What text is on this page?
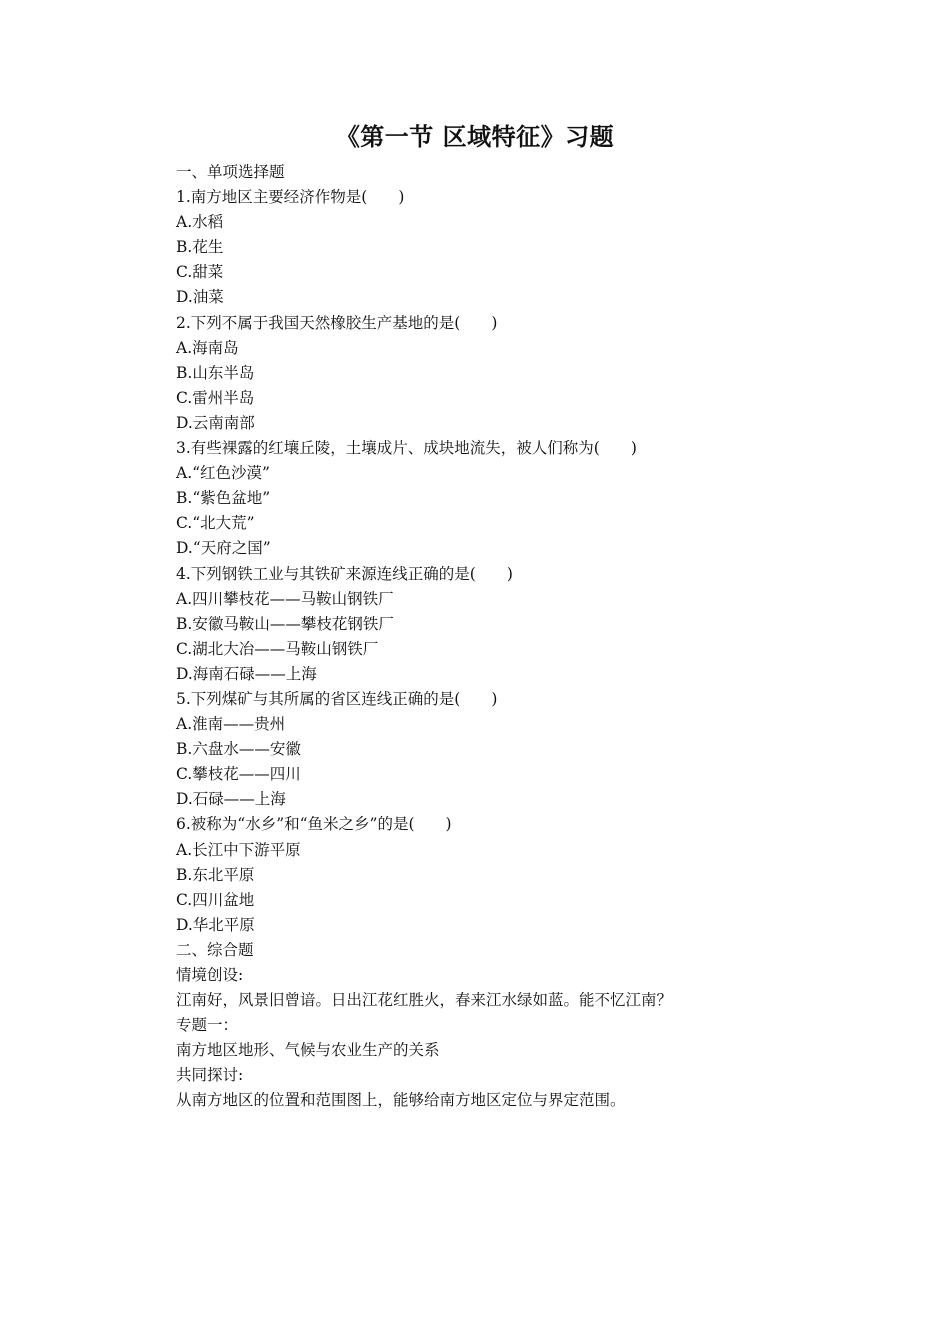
《第一节 区域特征》习题
一、单项选择题
1.南方地区主要经济作物是(　　)
A.水稻
B.花生
C.甜菜
D.油菜
2.下列不属于我国天然橡胶生产基地的是(　　)
A.海南岛
B.山东半岛
C.雷州半岛
D.云南南部
3.有些裸露的红壤丘陵，土壤成片、成块地流失，被人们称为(　　)
A.“红色沙漠”
B.“紫色盆地”
C.“北大荒”
D.“天府之国”
4.下列钢铁工业与其铁矿来源连线正确的是(　　)
A.四川攀枝花——马鞍山钢铁厂
B.安徽马鞍山——攀枝花钢铁厂
C.湖北大冶——马鞍山钢铁厂
D.海南石碌——上海
5.下列煤矿与其所属的省区连线正确的是(　　)
A.淮南——贵州
B.六盘水——安徽
C.攀枝花——四川
D.石碌——上海
6.被称为“水乡”和“鱼米之乡”的是(　　)
A.长江中下游平原
B.东北平原
C.四川盆地
D.华北平原
二、综合题
情境创设:
江南好，风景旧曾谙。日出江花红胜火，春来江水绿如蓝。能不忆江南？
专题一：
南方地区地形、气候与农业生产的关系
共同探讨:
从南方地区的位置和范围图上，能够给南方地区定位与界定范围。
